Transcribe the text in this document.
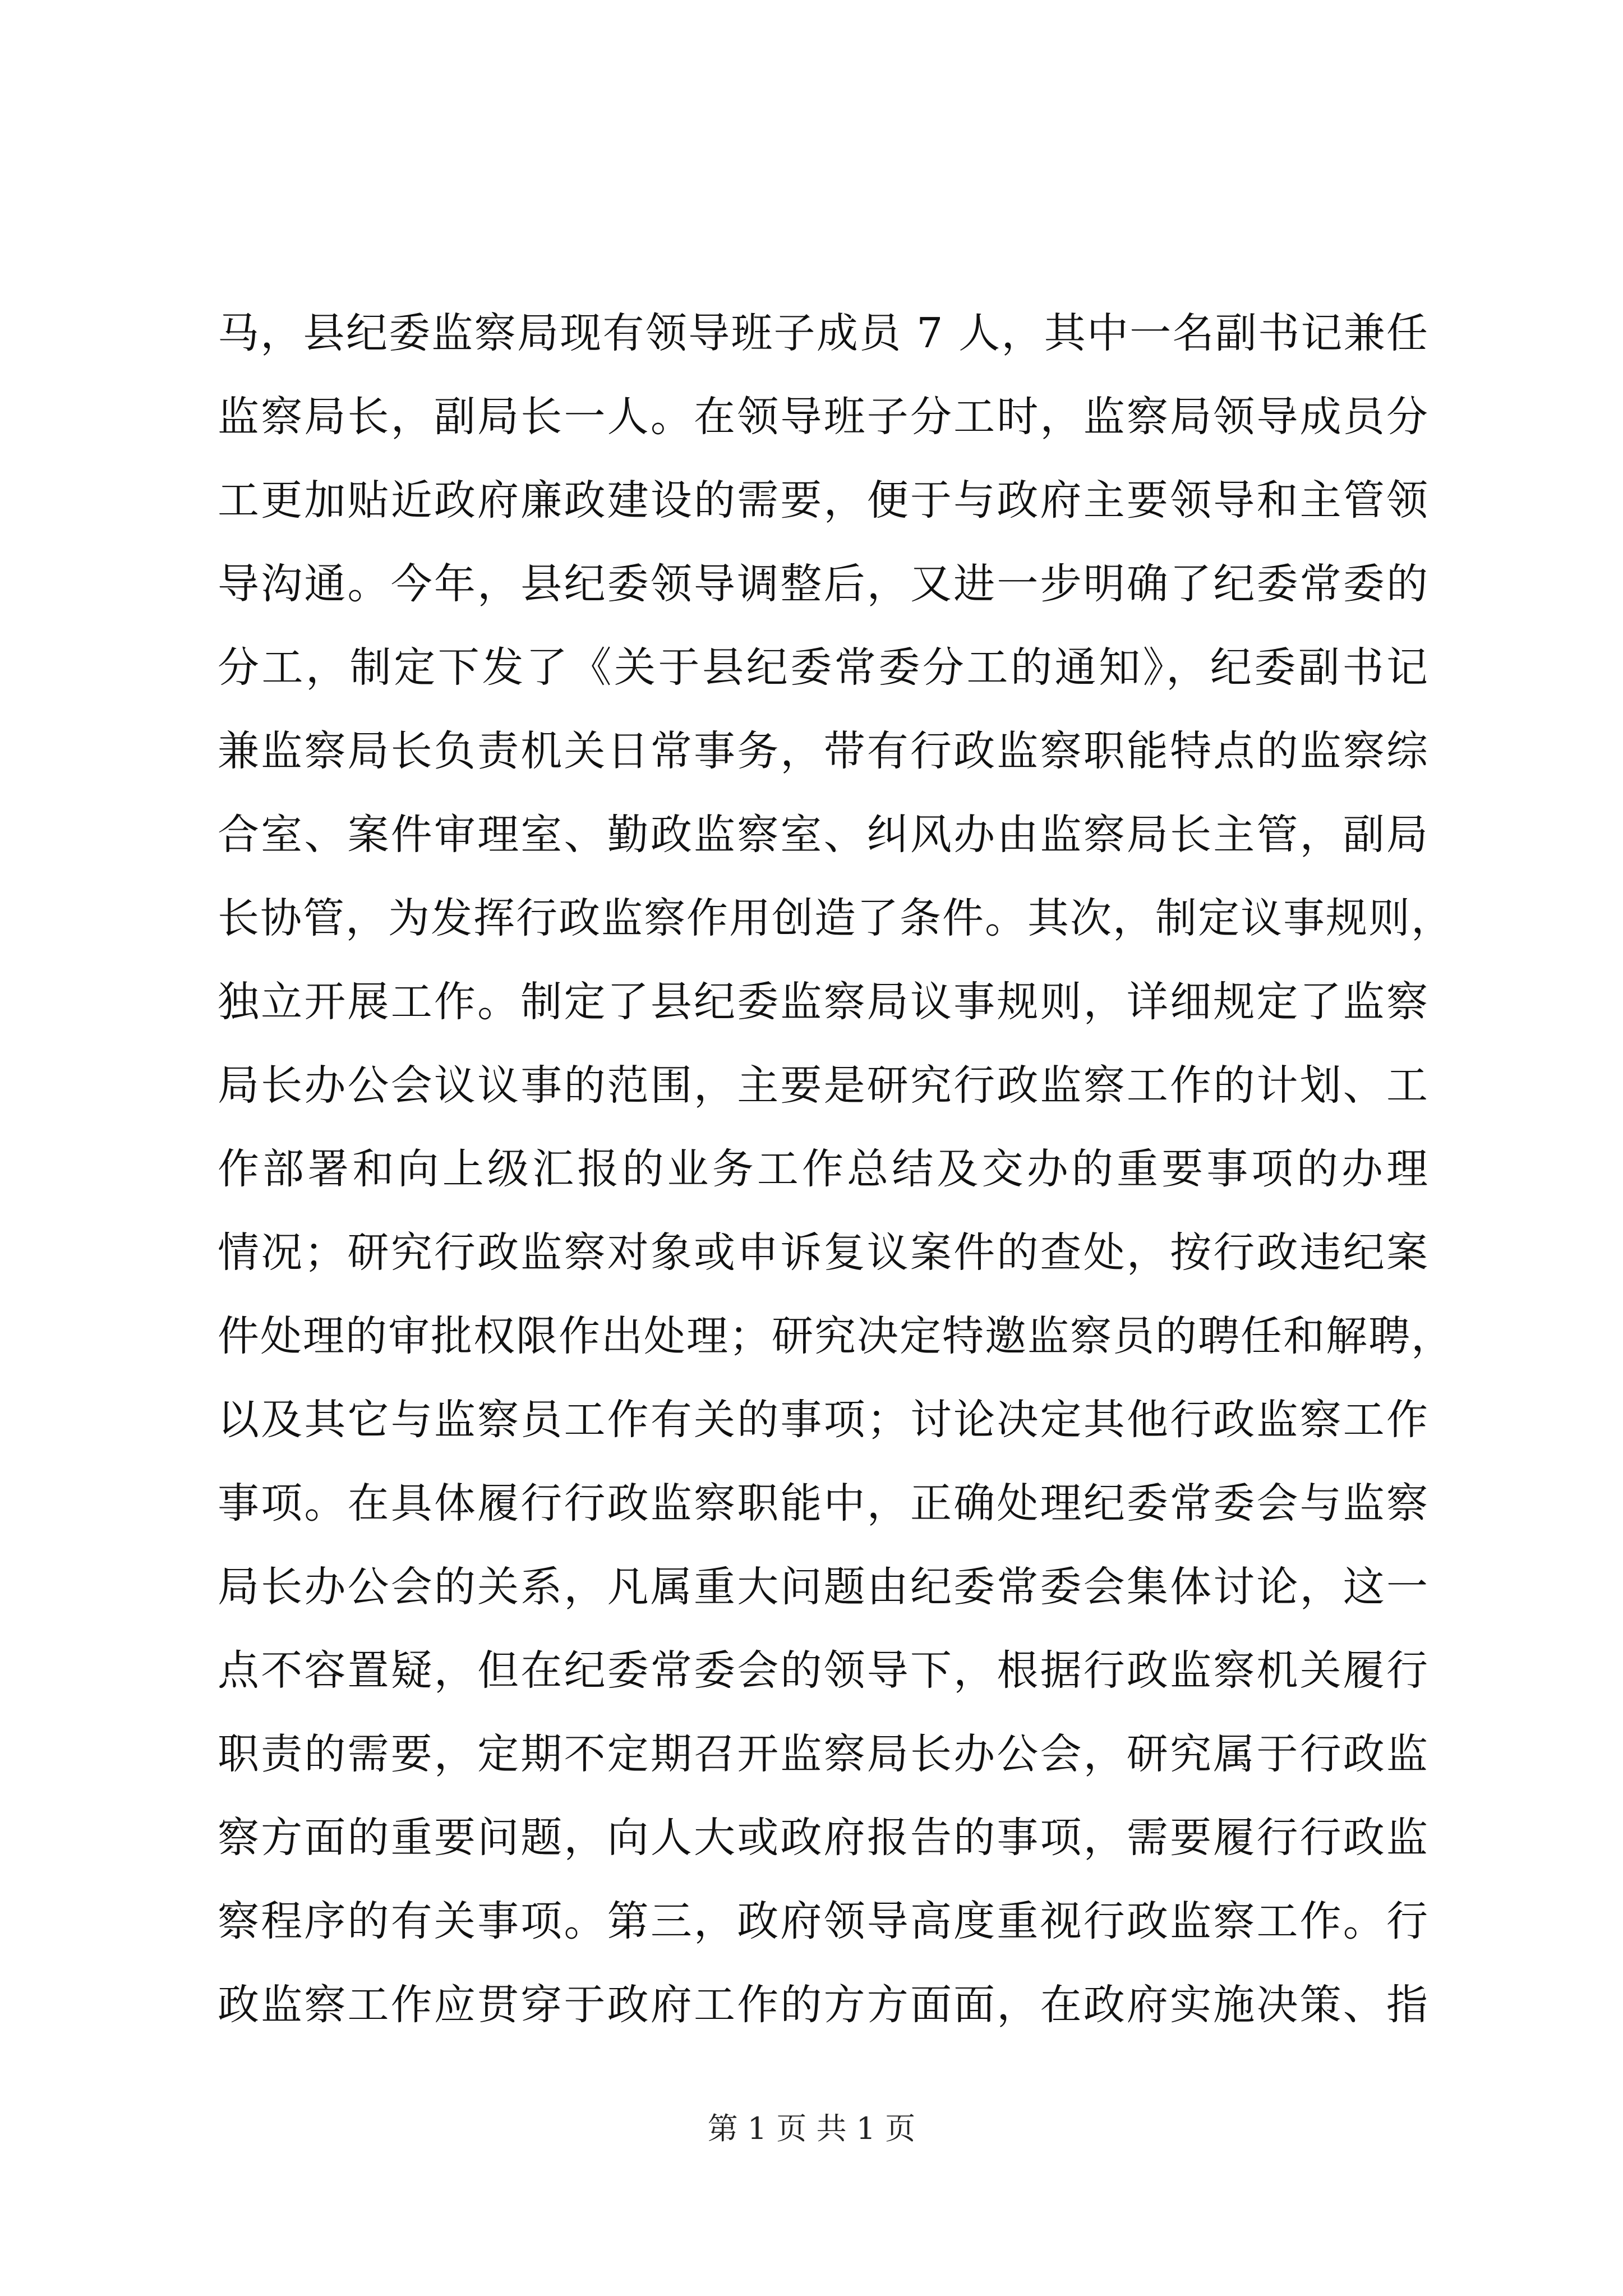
马，县纪委监察局现有领导班子成员 7 人，其中一名副书记兼任
监察局长，副局长一人。在领导班子分工时，监察局领导成员分
工更加贴近政府廉政建设的需要，便于与政府主要领导和主管领
导沟通。今年，县纪委领导调整后，又进一步明确了纪委常委的
分工，制定下发了《关于县纪委常委分工的通知》，纪委副书记
兼监察局长负责机关日常事务，带有行政监察职能特点的监察综
合室、案件审理室、勤政监察室、纠风办由监察局长主管，副局
长协管，为发挥行政监察作用创造了条件。其次，制定议事规则，
独立开展工作。制定了县纪委监察局议事规则，详细规定了监察
局长办公会议议事的范围，主要是研究行政监察工作的计划、工
作部署和向上级汇报的业务工作总结及交办的重要事项的办理
情况；研究行政监察对象或申诉复议案件的查处，按行政违纪案
件处理的审批权限作出处理；研究决定特邀监察员的聘任和解聘，
以及其它与监察员工作有关的事项；讨论决定其他行政监察工作
事项。在具体履行行政监察职能中，正确处理纪委常委会与监察
局长办公会的关系，凡属重大问题由纪委常委会集体讨论，这一
点不容置疑，但在纪委常委会的领导下，根据行政监察机关履行
职责的需要，定期不定期召开监察局长办公会，研究属于行政监
察方面的重要问题，向人大或政府报告的事项，需要履行行政监
察程序的有关事项。第三，政府领导高度重视行政监察工作。行
政监察工作应贯穿于政府工作的方方面面，在政府实施决策、指
第 1 页 共 1 页
